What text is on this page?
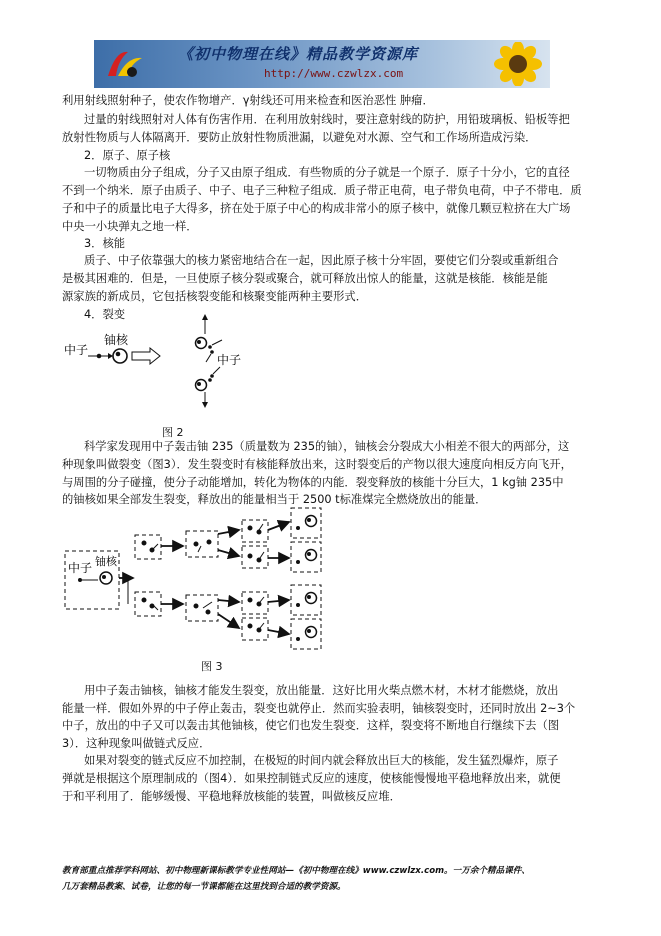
《初中物理在线》精品教学资源库
http://www.czwlzx.com
利用射线照射种子，使农作物增产．γ射线还可用来检查和医治恶性 肿瘤．
过量的射线照射对人体有伤害作用．在利用放射线时，要注意射线的防护，用铅玻璃板、铅板等把
放射性物质与人体隔离开．要防止放射性物质泄漏，以避免对水源、空气和工作场所造成污染．
2．原子、原子核
一切物质由分子组成，分子又由原子组成．有些物质的分子就是一个原子．原子十分小，它的直径
不到一个纳米．原子由质子、中子、电子三种粒子组成．质子带正电荷，电子带负电荷，中子不带电．质
子和中子的质量比电子大得多，挤在处于原子中心的构成非常小的原子核中，就像几颗豆粒挤在大广场
中央一小块弹丸之地一样．
3．核能
质子、中子依靠强大的核力紧密地结合在一起，因此原子核十分牢固，要使它们分裂或重新组合
是极其困难的．但是，一旦使原子核分裂或聚合，就可释放出惊人的能量，这就是核能．核能是能
源家族的新成员，它包括核裂变能和核聚变能两种主要形式．
4．裂变
中子
铀核
中子
图 2
科学家发现用中子轰击铀 235（质量数为 235的铀），铀核会分裂成大小相差不很大的两部分，这
种现象叫做裂变（图3）．发生裂变时有核能释放出来，这时裂变后的产物以很大速度向相反方向飞开，
与周围的分子碰撞，使分子动能增加，转化为物体的内能．裂变释放的核能十分巨大，1 kg铀 235中
的铀核如果全部发生裂变，释放出的能量相当于 2500 t标准煤完全燃烧放出的能量．
中子 铀核
图 3
用中子轰击铀核，铀核才能发生裂变，放出能量．这好比用火柴点燃木材，木材才能燃烧，放出
能量一样．假如外界的中子停止轰击，裂变也就停止．然而实验表明，铀核裂变时，还同时放出 2~3个
中子，放出的中子又可以轰击其他铀核，使它们也发生裂变．这样，裂变将不断地自行继续下去（图
3）．这种现象叫做链式反应．
如果对裂变的链式反应不加控制，在极短的时间内就会释放出巨大的核能，发生猛烈爆炸，原子
弹就是根据这个原理制成的（图4）．如果控制链式反应的速度，使核能慢慢地平稳地释放出来，就便
于和平利用了．能够缓慢、平稳地释放核能的装置，叫做核反应堆．
教育部重点推荐学科网站、初中物理新课标教学专业性网站—《初中物理在线》www.czwlzx.com。一万余个精品课件、
几万套精品教案、试卷，让您的每一节课都能在这里找到合适的教学资源。
